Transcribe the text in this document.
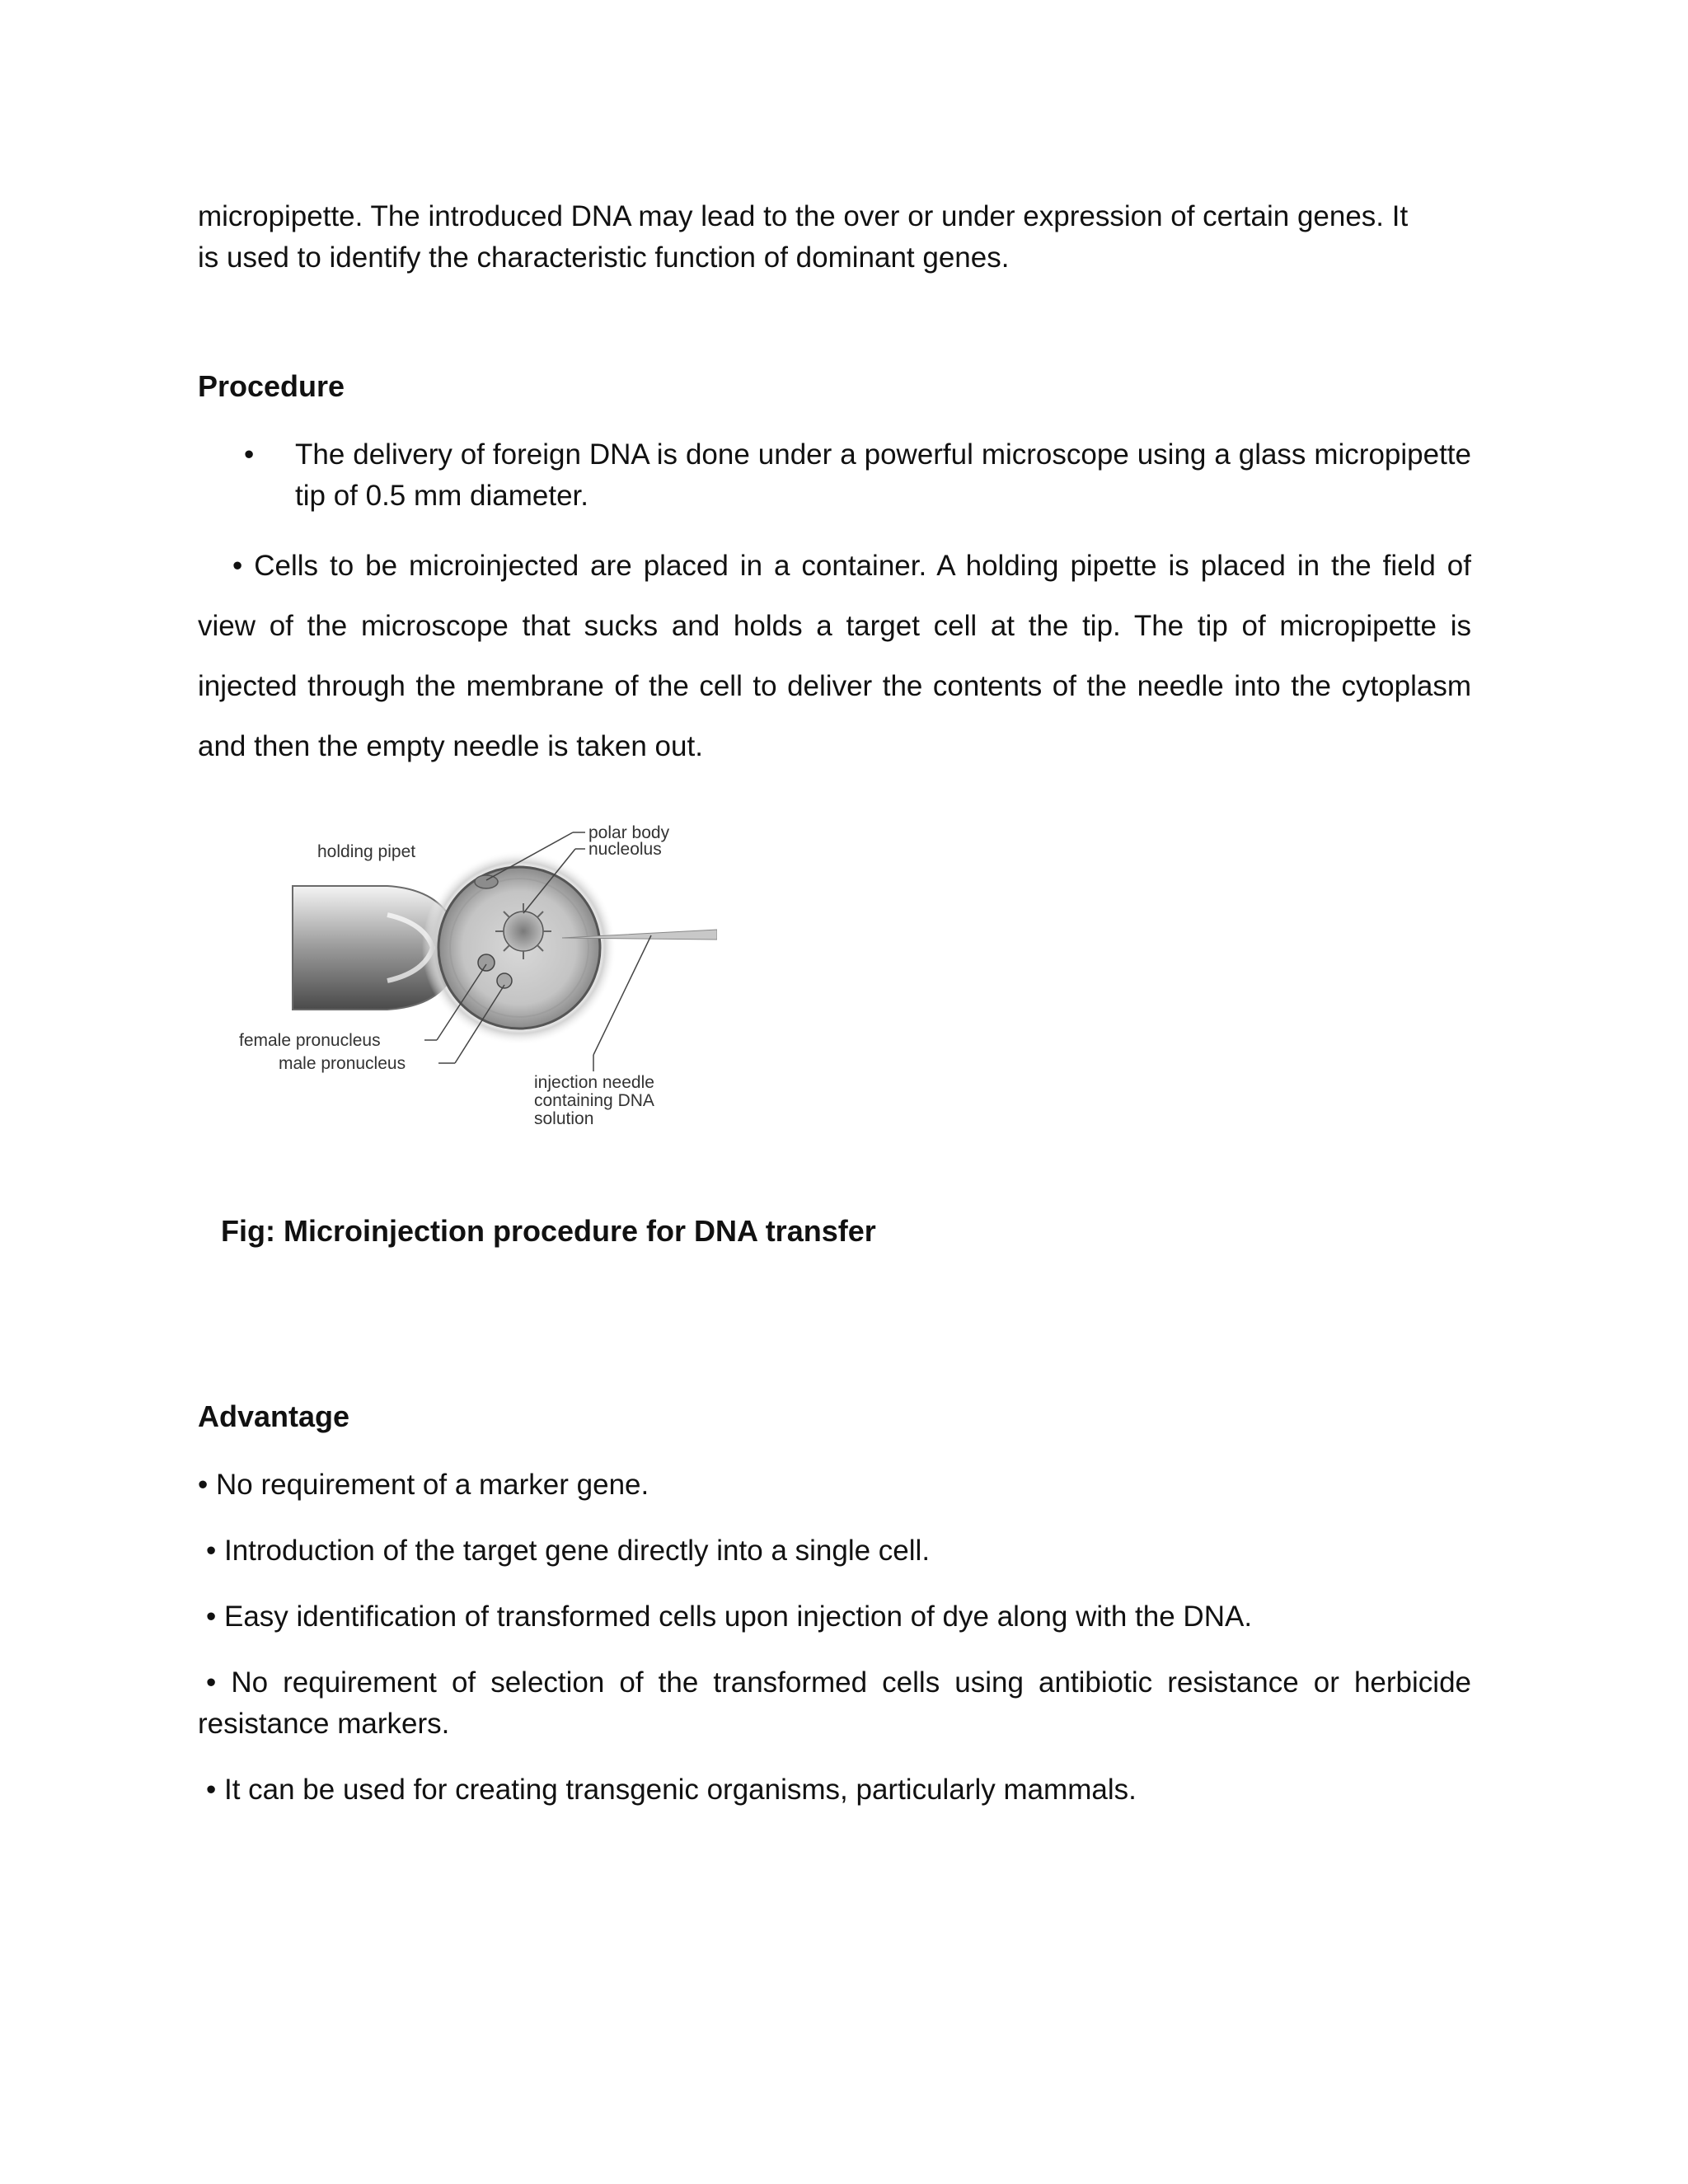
micropipette. The introduced DNA may lead to the over or under expression of certain genes. It

is used to identify the characteristic function of dominant genes.

Procedure
• The delivery of foreign DNA is done under a powerful microscope using a glass micropipette tip of 0.5 mm diameter.

• Cells to be microinjected are placed in a container. A holding pipette is placed in the field of view of the microscope that sucks and holds a target cell at the tip. The tip of micropipette is injected through the membrane of the cell to deliver the contents of the needle into the cytoplasm and then the empty needle is taken out.

holding pipet
polar body
nucleolus
female pronucleus
male pronucleus
injection needle
containing DNA
solution

Fig: Microinjection procedure for DNA transfer

Advantage

• No requirement of a marker gene.

• Introduction of the target gene directly into a single cell.

• Easy identification of transformed cells upon injection of dye along with the DNA.

• No requirement of selection of the transformed cells using antibiotic resistance or herbicide resistance markers.

• It can be used for creating transgenic organisms, particularly mammals.
